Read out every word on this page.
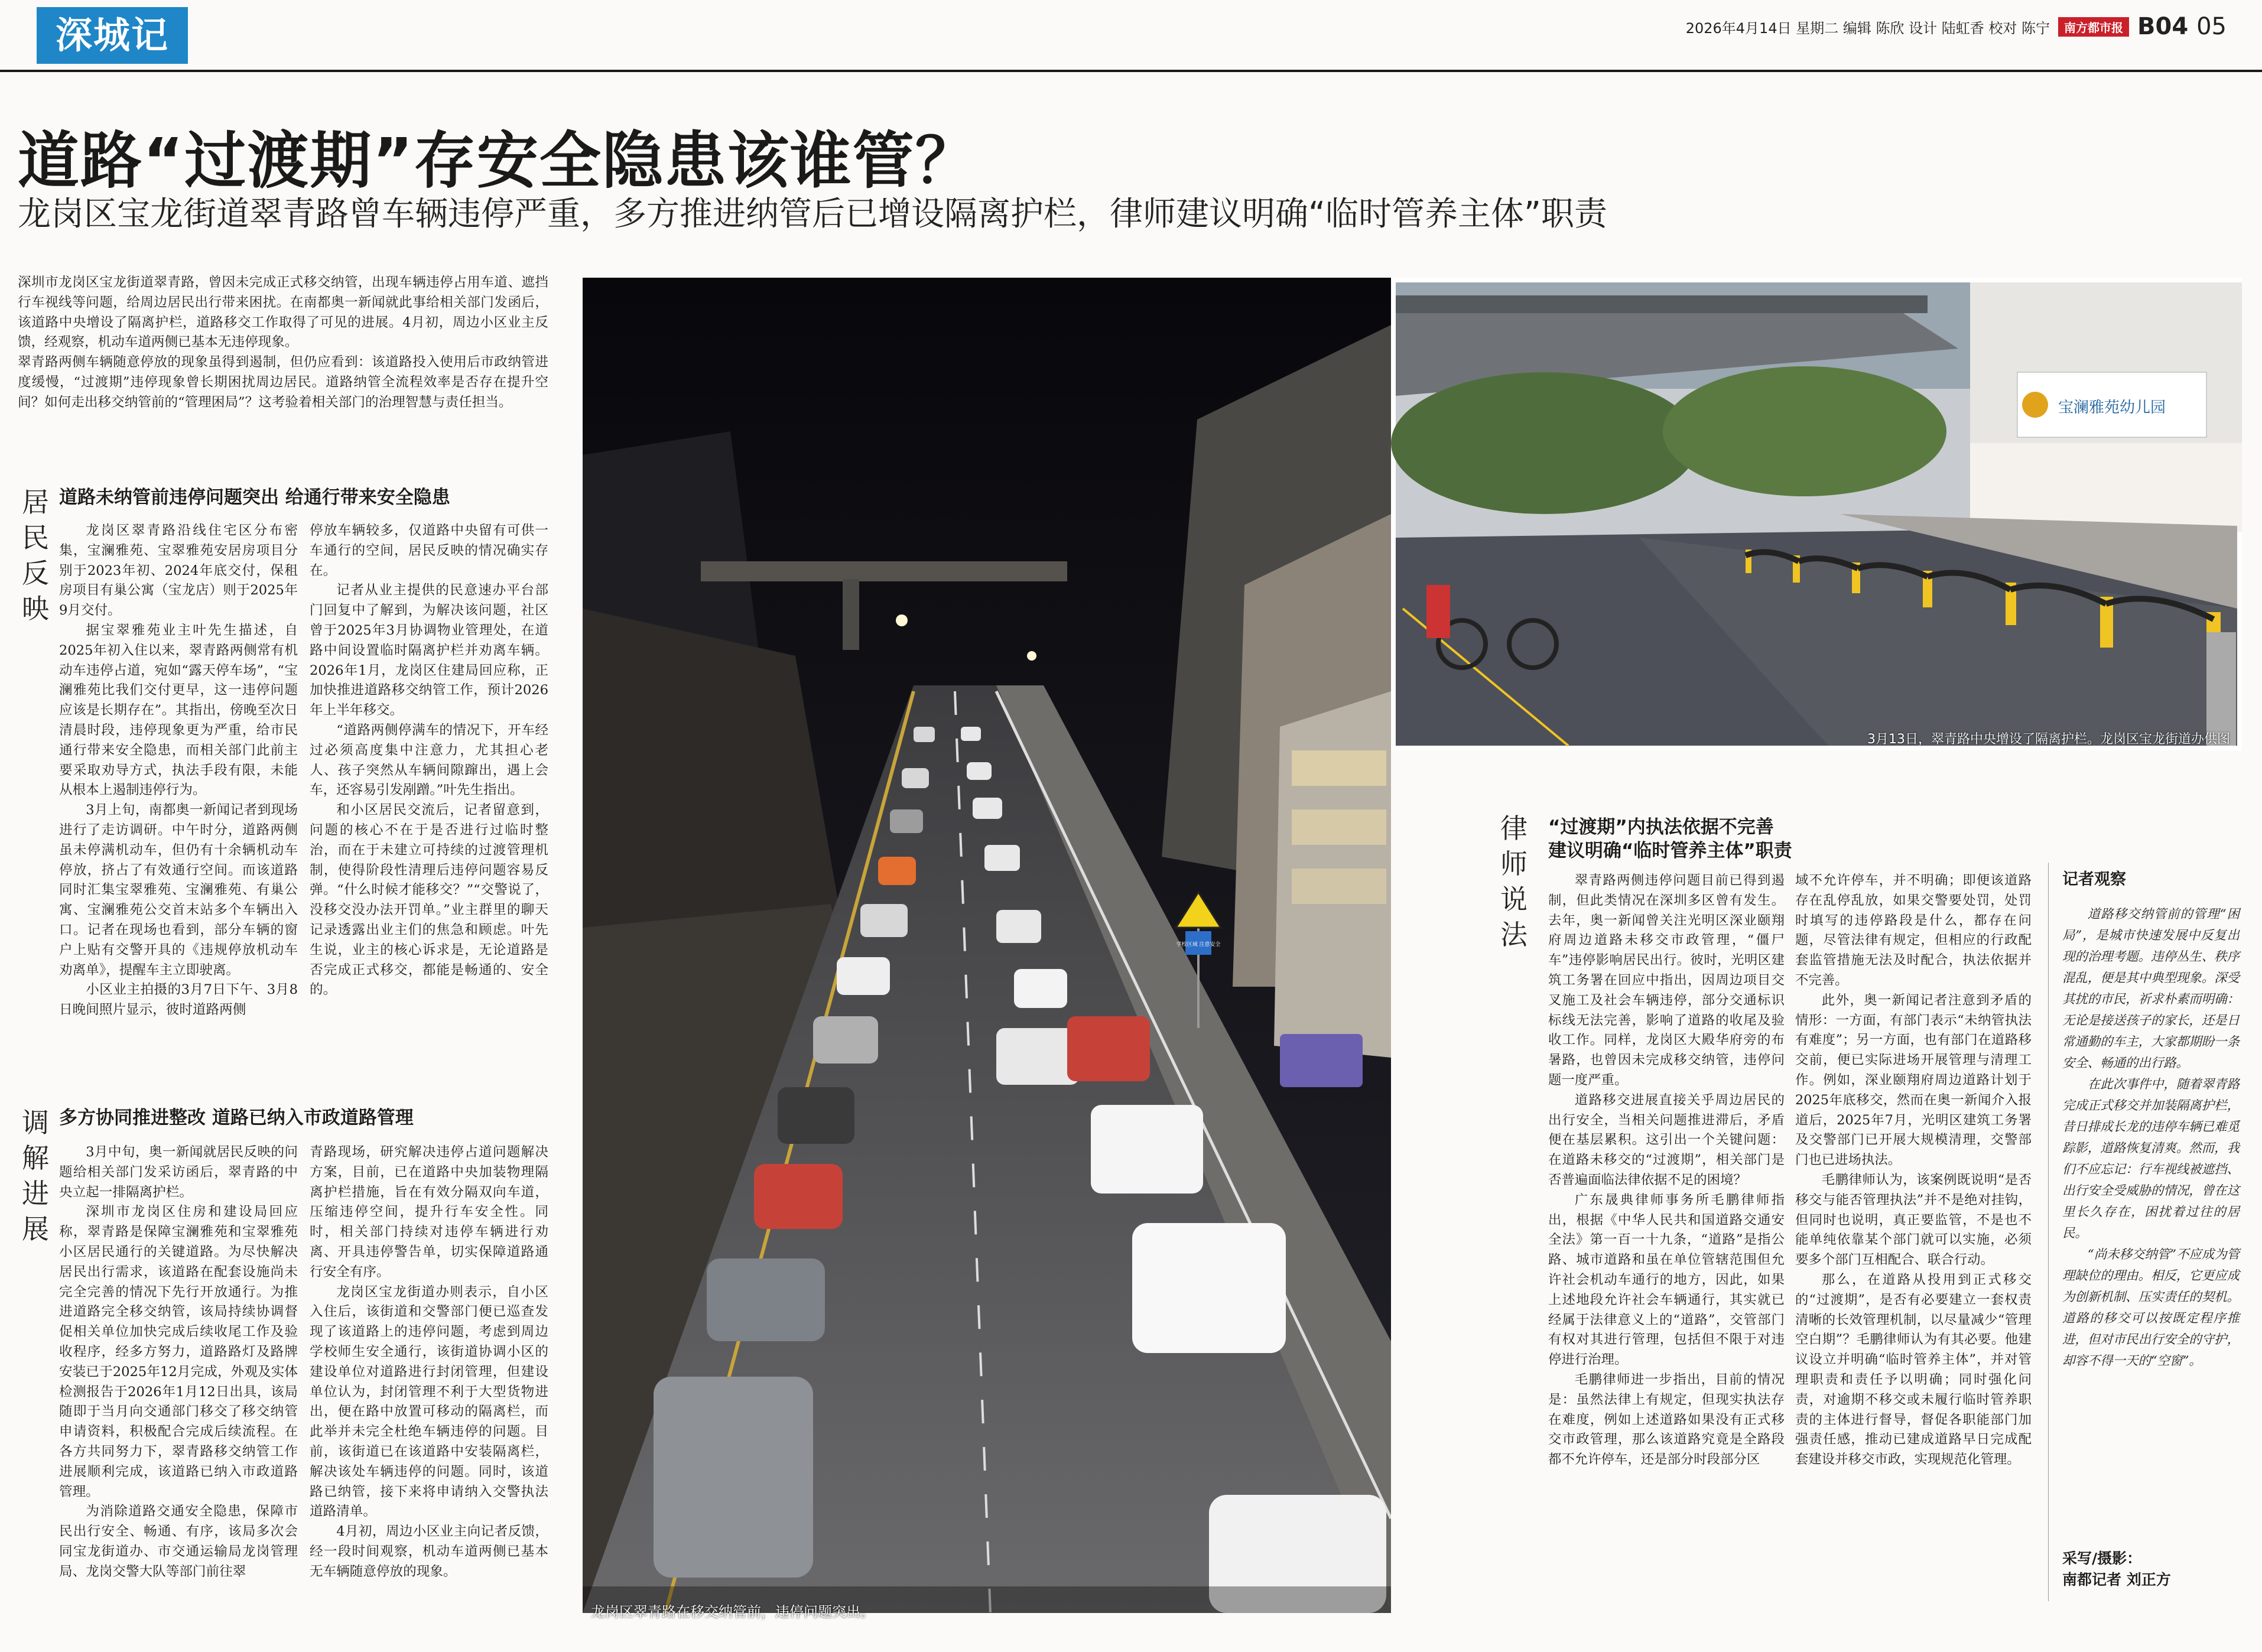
深城记	2026年4月14日 星期二 编辑 陈欣 设计 陆虹香 校对 陈宁	南方都市报 B04 05
道路“过渡期”存安全隐患该谁管？
龙岗区宝龙街道翠青路曾车辆违停严重，多方推进纳管后已增设隔离护栏，律师建议明确“临时管养主体”职责

深圳市龙岗区宝龙街道翠青路，曾因未完成正式移交纳管，出现车辆违停占用车道、遮挡行车视线等问题，给周边居民出行带来困扰。在南都奥一新闻就此事给相关部门发函后，该道路中央增设了隔离护栏，道路移交工作取得了可见的进展。4月初，周边小区业主反馈，经观察，机动车道两侧已基本无违停现象。

翠青路两侧车辆随意停放的现象虽得到遏制，但仍应看到：该道路投入使用后市政纳管进度缓慢，“过渡期”违停现象曾长期困扰周边居民。道路纳管全流程效率是否存在提升空间？如何走出移交纳管前的“管理困局”？这考验着相关部门的治理智慧与责任担当。

居民反映
道路未纳管前违停问题突出 给通行带来安全隐患

龙岗区翠青路沿线住宅区分布密集，宝澜雅苑、宝翠雅苑安居房项目分别于2023年初、2024年底交付，保租房项目有巢公寓（宝龙店）则于2025年9月交付。

据宝翠雅苑业主叶先生描述，自2025年初入住以来，翠青路两侧常有机动车违停占道，宛如“露天停车场”，“宝澜雅苑比我们交付更早，这一违停问题应该是长期存在”。其指出，傍晚至次日清晨时段，违停现象更为严重，给市民通行带来安全隐患，而相关部门此前主要采取劝导方式，执法手段有限，未能从根本上遏制违停行为。

3月上旬，南都奥一新闻记者到现场进行了走访调研。中午时分，道路两侧虽未停满机动车，但仍有十余辆机动车停放，挤占了有效通行空间。而该道路同时汇集宝翠雅苑、宝澜雅苑、有巢公寓、宝澜雅苑公交首末站多个车辆出入口。记者在现场也看到，部分车辆的窗户上贴有交警开具的《违规停放机动车劝离单》，提醒车主立即驶离。

小区业主拍摄的3月7日下午、3月8日晚间照片显示，彼时道路两侧

停放车辆较多，仅道路中央留有可供一车通行的空间，居民反映的情况确实存在。

记者从业主提供的民意速办平台部门回复中了解到，为解决该问题，社区曾于2025年3月协调物业管理处，在道路中间设置临时隔离护栏并劝离车辆。2026年1月，龙岗区住建局回应称，正加快推进道路移交纳管工作，预计2026年上半年移交。

“道路两侧停满车的情况下，开车经过必须高度集中注意力，尤其担心老人、孩子突然从车辆间隙蹿出，遇上会车，还容易引发剐蹭。”叶先生指出。

和小区居民交流后，记者留意到，问题的核心不在于是否进行过临时整治，而在于未建立可持续的过渡管理机制，使得阶段性清理后违停问题容易反弹。“什么时候才能移交？”“交警说了，没移交没办法开罚单。”业主群里的聊天记录透露出业主们的焦急和顾虑。叶先生说，业主的核心诉求是，无论道路是否完成正式移交，都能是畅通的、安全的。

调解进展
多方协同推进整改 道路已纳入市政道路管理

3月中旬，奥一新闻就居民反映的问题给相关部门发采访函后，翠青路的中央立起一排隔离护栏。

深圳市龙岗区住房和建设局回应称，翠青路是保障宝澜雅苑和宝翠雅苑小区居民通行的关键道路。为尽快解决居民出行需求，该道路在配套设施尚未完全完善的情况下先行开放通行。为推进道路完全移交纳管，该局持续协调督促相关单位加快完成后续收尾工作及验收程序，经多方努力，道路路灯及路牌安装已于2025年12月完成，外观及实体检测报告于2026年1月12日出具，该局随即于当月向交通部门移交了移交纳管申请资料，积极配合完成后续流程。在各方共同努力下，翠青路移交纳管工作进展顺利完成，该道路已纳入市政道路管理。

为消除道路交通安全隐患，保障市民出行安全、畅通、有序，该局多次会同宝龙街道办、市交通运输局龙岗管理局、龙岗交警大队等部门前往翠

青路现场，研究解决违停占道问题解决方案，目前，已在道路中央加装物理隔离护栏措施，旨在有效分隔双向车道，压缩违停空间，提升行车安全性。同时，相关部门持续对违停车辆进行劝离、开具违停警告单，切实保障道路通行安全有序。

龙岗区宝龙街道办则表示，自小区入住后，该街道和交警部门便已巡查发现了该道路上的违停问题，考虑到周边学校师生安全通行，该街道协调小区的建设单位对道路进行封闭管理，但建设单位认为，封闭管理不利于大型货物进出，便在路中放置可移动的隔离栏，而此举并未完全杜绝车辆违停的问题。目前，该街道已在该道路中安装隔离栏，解决该处车辆违停的问题。同时，该道路已纳管，接下来将申请纳入交警执法道路清单。

4月初，周边小区业主向记者反馈，经一段时间观察，机动车道两侧已基本无车辆随意停放的现象。

学校区域 注意安全
龙岗区翠青路在移交纳管前，违停问题突出。
宝澜雅苑幼儿园
3月13日，翠青路中央增设了隔离护栏。龙岗区宝龙街道办供图
律师说法
“过渡期”内执法依据不完善
建议明确“临时管养主体”职责

翠青路两侧违停问题目前已得到遏制，但此类情况在深圳多区曾有发生。去年，奥一新闻曾关注光明区深业颐翔府周边道路未移交市政管理，“僵尸车”违停影响居民出行。彼时，光明区建筑工务署在回应中指出，因周边项目交叉施工及社会车辆违停，部分交通标识标线无法完善，影响了道路的收尾及验收工作。同样，龙岗区大殿华府旁的布暑路，也曾因未完成移交纳管，违停问题一度严重。

道路移交进展直接关乎周边居民的出行安全，当相关问题推进滞后，矛盾便在基层累积。这引出一个关键问题：在道路未移交的“过渡期”，相关部门是否普遍面临法律依据不足的困境？

广东晟典律师事务所毛鹏律师指出，根据《中华人民共和国道路交通安全法》第一百一十九条，“道路”是指公路、城市道路和虽在单位管辖范围但允许社会机动车通行的地方，因此，如果上述地段允许社会车辆通行，其实就已经属于法律意义上的“道路”，交管部门有权对其进行管理，包括但不限于对违停进行治理。

毛鹏律师进一步指出，目前的情况是：虽然法律上有规定，但现实执法存在难度，例如上述道路如果没有正式移交市政管理，那么该道路究竟是全路段都不允许停车，还是部分时段部分区

域不允许停车，并不明确；即便该道路存在乱停乱放，如果交警要处罚，处罚时填写的违停路段是什么，都存在问题，尽管法律有规定，但相应的行政配套监管措施无法及时配合，执法依据并不完善。

此外，奥一新闻记者注意到矛盾的情形：一方面，有部门表示“未纳管执法有难度”；另一方面，也有部门在道路移交前，便已实际进场开展管理与清理工作。例如，深业颐翔府周边道路计划于2025年底移交，然而在奥一新闻介入报道后，2025年7月，光明区建筑工务署及交警部门已开展大规模清理，交警部门也已进场执法。

毛鹏律师认为，该案例既说明“是否移交与能否管理执法”并不是绝对挂钩，但同时也说明，真正要监管，不是也不能单纯依靠某个部门就可以实施，必须要多个部门互相配合、联合行动。

那么，在道路从投用到正式移交的“过渡期”，是否有必要建立一套权责清晰的长效管理机制，以尽量减少“管理空白期”？毛鹏律师认为有其必要。他建议设立并明确“临时管养主体”，并对管理职责和责任予以明确；同时强化问责，对逾期不移交或未履行临时管养职责的主体进行督导，督促各职能部门加强责任感，推动已建成道路早日完成配套建设并移交市政，实现规范化管理。

记者观察

道路移交纳管前的管理“困局”，是城市快速发展中反复出现的治理考题。违停丛生、秩序混乱，便是其中典型现象。深受其扰的市民，祈求朴素而明确：无论是接送孩子的家长，还是日常通勤的车主，大家都期盼一条安全、畅通的出行路。

在此次事件中，随着翠青路完成正式移交并加装隔离护栏，昔日排成长龙的违停车辆已难觅踪影，道路恢复清爽。然而，我们不应忘记：行车视线被遮挡、出行安全受威胁的情况，曾在这里长久存在，困扰着过往的居民。

“尚未移交纳管”不应成为管理缺位的理由。相反，它更应成为创新机制、压实责任的契机。道路的移交可以按既定程序推进，但对市民出行安全的守护，却容不得一天的“空窗”。

采写/摄影：
南都记者 刘正方
